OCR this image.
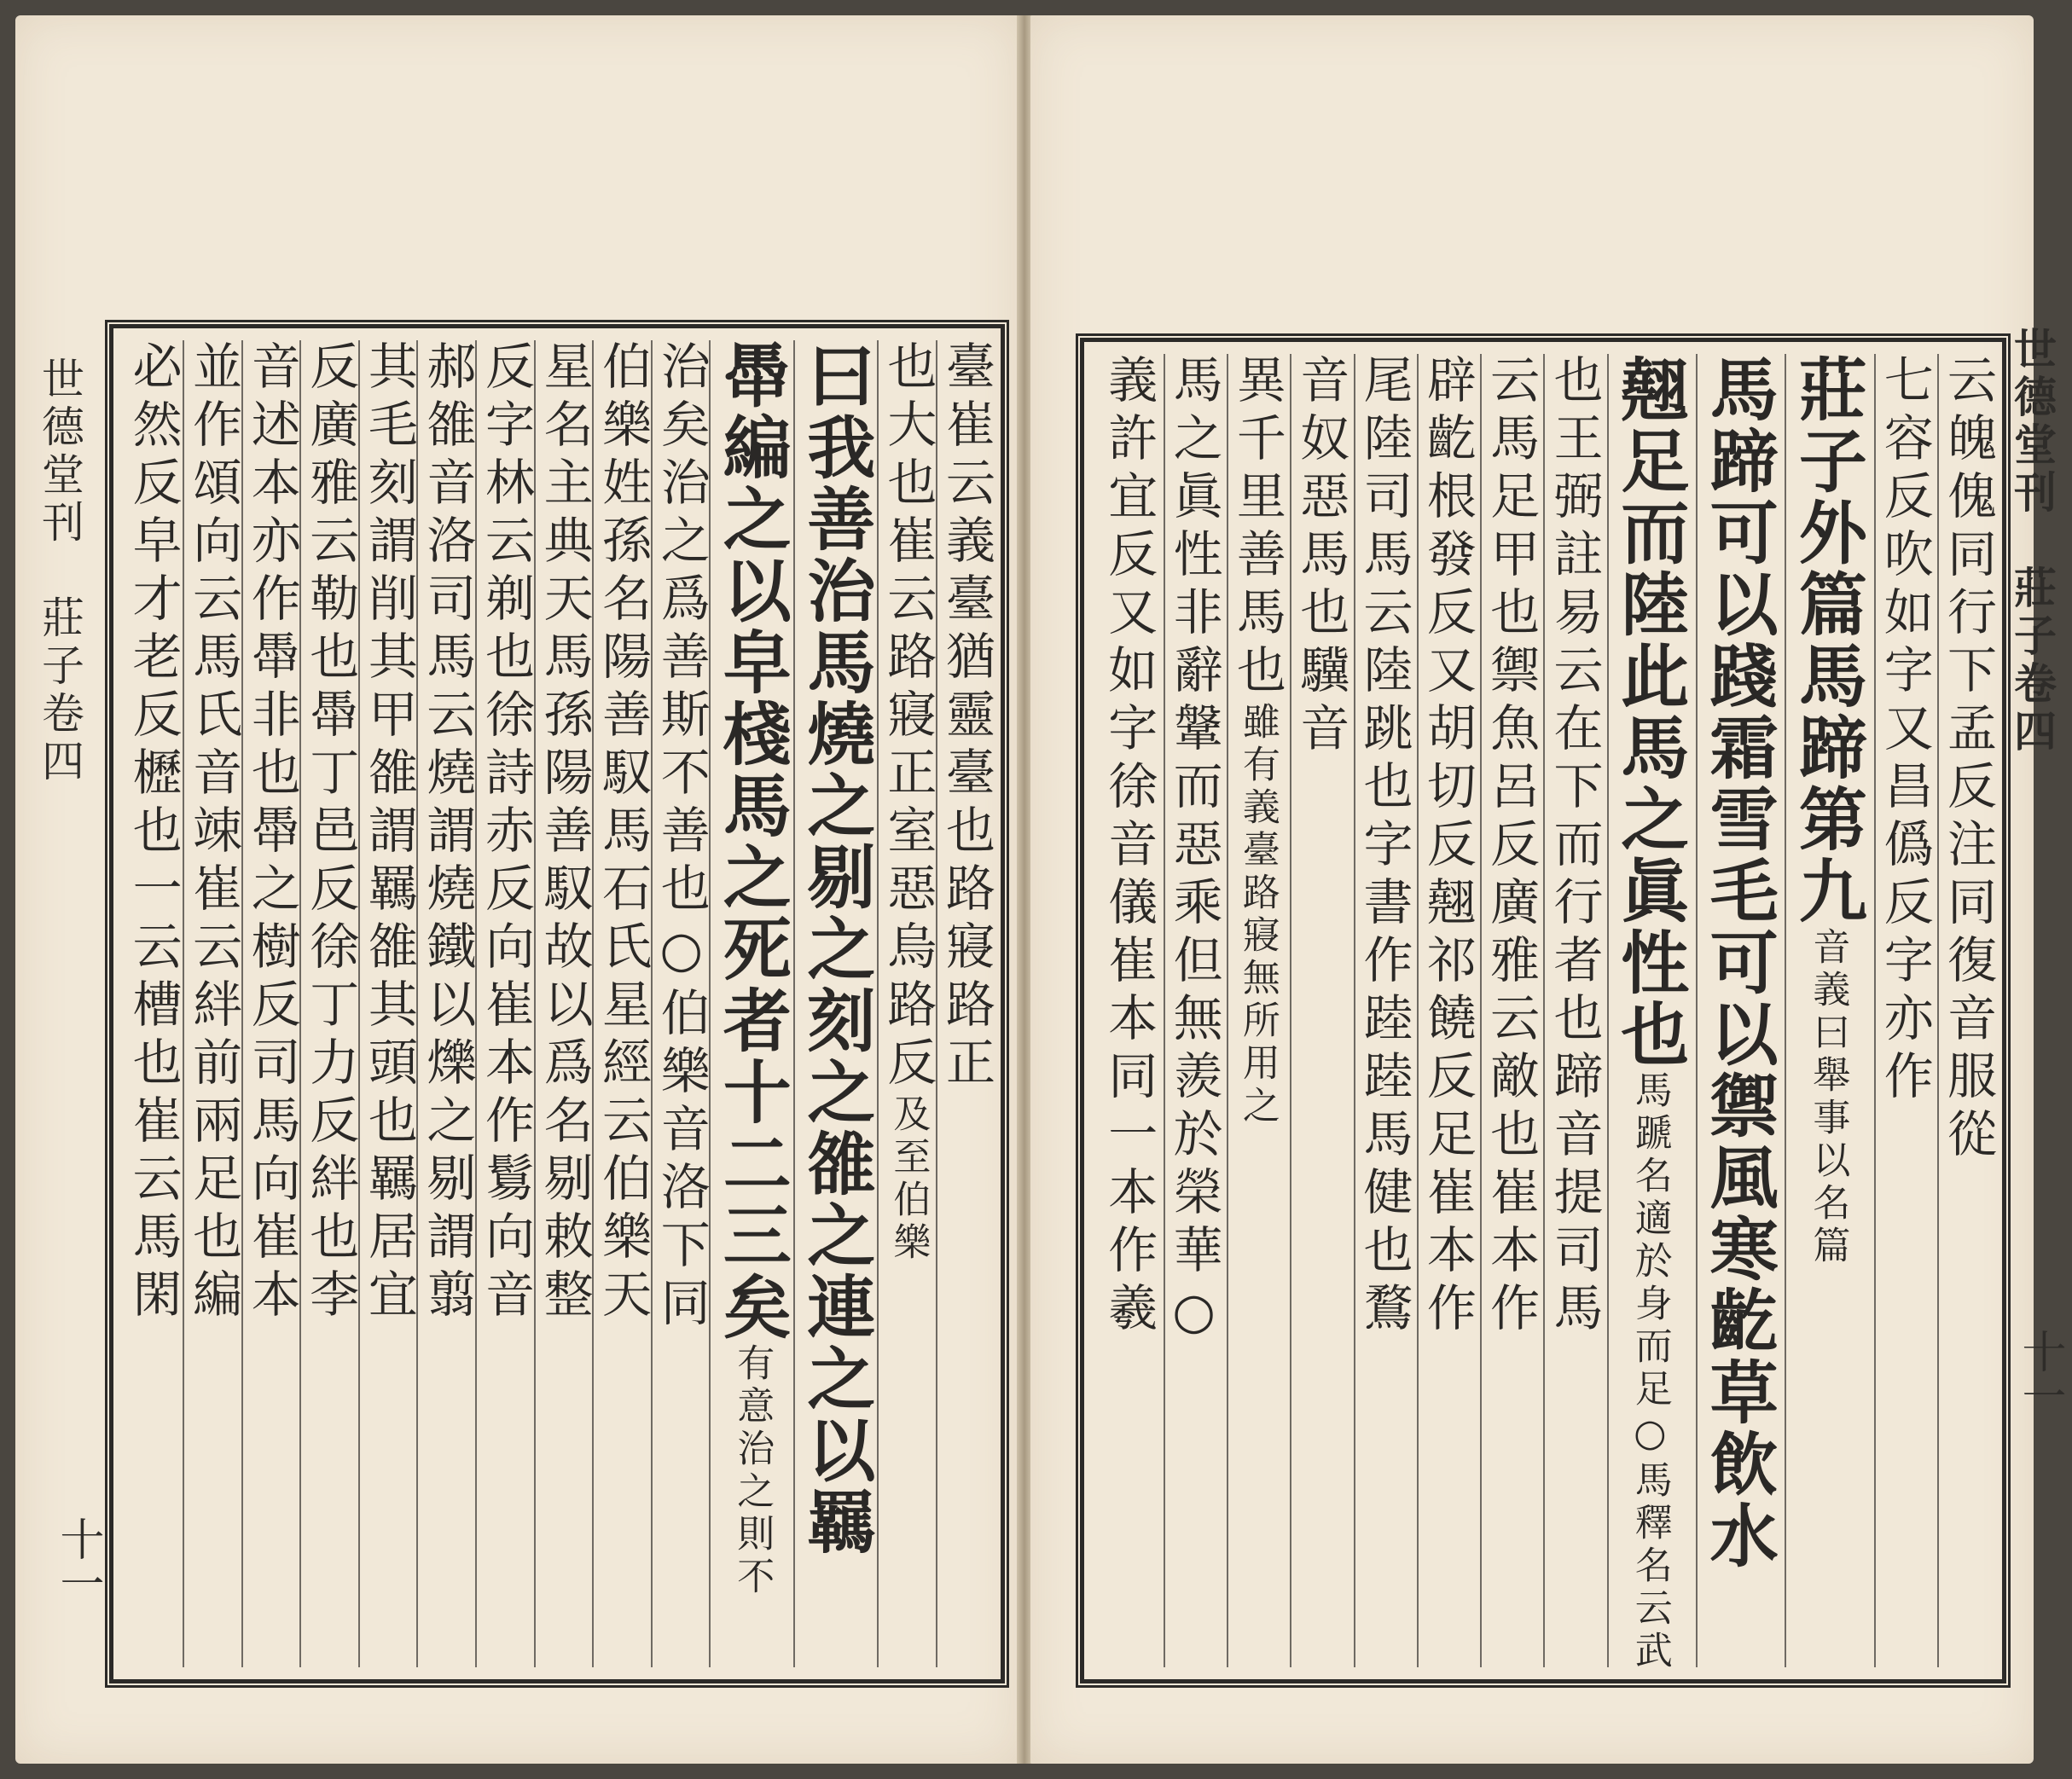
世德堂刊　莊子卷四
十一
臺崔云義臺猶靈臺也路寢路正
也大也崔云路寢正室惡烏路反及至伯樂
曰我善治馬燒之剔之刻之雒之連之以羈
馽編之以皁棧馬之死者十二三矣有意治之則不
治矣治之爲善斯不善也○伯樂音洛下同
伯樂姓孫名陽善馭馬石氏星經云伯樂天
星名主典天馬孫陽善馭故以爲名剔敕整
反字林云剃也徐詩赤反向崔本作鬄向音
郝雒音洛司馬云燒謂燒鐵以爍之剔謂翦
其毛刻謂削其甲雒謂羈雒其頭也羈居宜
反廣雅云勒也馽丁邑反徐丁力反絆也李
音述本亦作馽非也馽之樹反司馬向崔本
並作頌向云馬氏音竦崔云絆前兩足也編
必然反皁才老反櫪也一云槽也崔云馬閑	世德堂刊　莊子卷四
十一
云魄傀同行下孟反注同復音服從
七容反吹如字又昌僞反字亦作
莊子外篇馬蹄第九音義曰舉事以名篇
馬蹄可以踐霜雪毛可以禦風寒齕草飲水
翹足而陸此馬之眞性也馬蹏名適於身而足○馬釋名云武
也王弼註易云在下而行者也蹄音提司馬
云馬足甲也禦魚呂反廣雅云敵也崔本作
辟齕根發反又胡切反翹祁饒反足崔本作
尾陸司馬云陸跳也字書作踛踛馬健也鶩
音奴惡馬也驥音
異千里善馬也雖有義臺路寢無所用之
馬之眞性非辭鞶而惡乘但無羨於榮華○
義許宜反又如字徐音儀崔本同一本作羲
